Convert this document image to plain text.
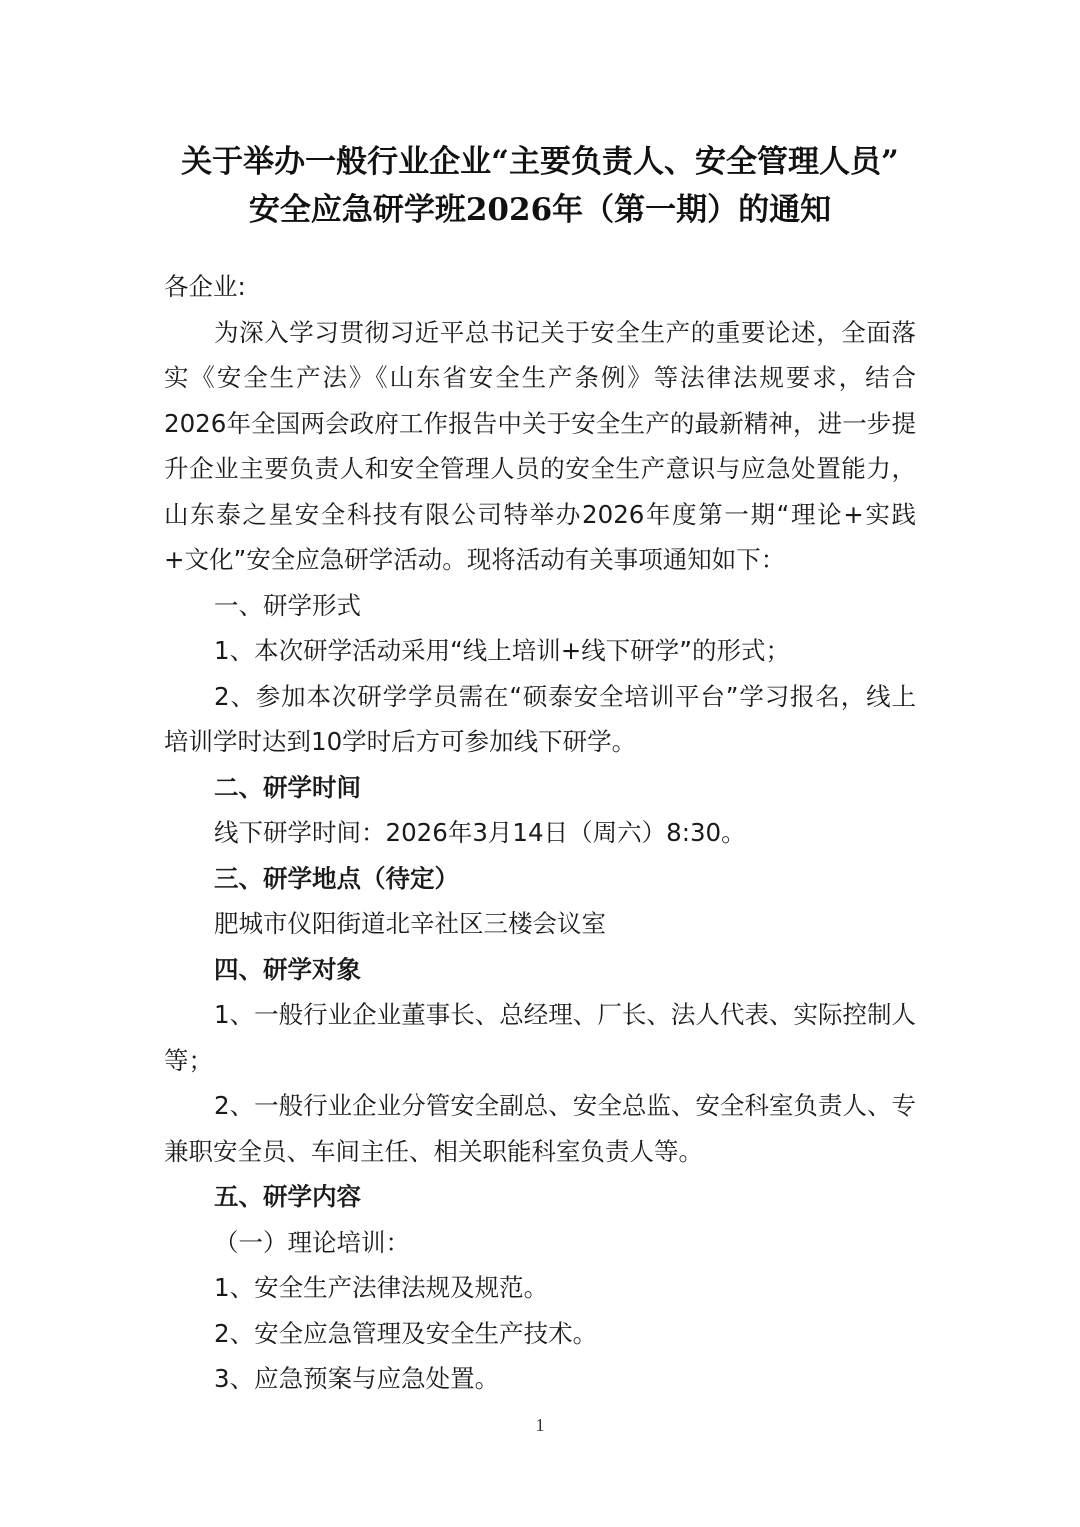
关于举办一般行业企业“主要负责人、安全管理人员”
安全应急研学班2026年（第一期）的通知

各企业:

为深入学习贯彻习近平总书记关于安全生产的重要论述，全面落实《安全生产法》《山东省安全生产条例》等法律法规要求，结合2026年全国两会政府工作报告中关于安全生产的最新精神，进一步提升企业主要负责人和安全管理人员的安全生产意识与应急处置能力，山东泰之星安全科技有限公司特举办2026年度第一期“理论+实践+文化”安全应急研学活动。现将活动有关事项通知如下：

一、研学形式

1、本次研学活动采用“线上培训+线下研学”的形式；

2、参加本次研学学员需在“硕泰安全培训平台”学习报名，线上培训学时达到10学时后方可参加线下研学。

二、研学时间

线下研学时间：2026年3月14日（周六）8:30。

三、研学地点（待定）

肥城市仪阳街道北辛社区三楼会议室

四、研学对象

1、一般行业企业董事长、总经理、厂长、法人代表、实际控制人等；

2、一般行业企业分管安全副总、安全总监、安全科室负责人、专兼职安全员、车间主任、相关职能科室负责人等。

五、研学内容

（一）理论培训：

1、安全生产法律法规及规范。

2、安全应急管理及安全生产技术。

3、应急预案与应急处置。

1
